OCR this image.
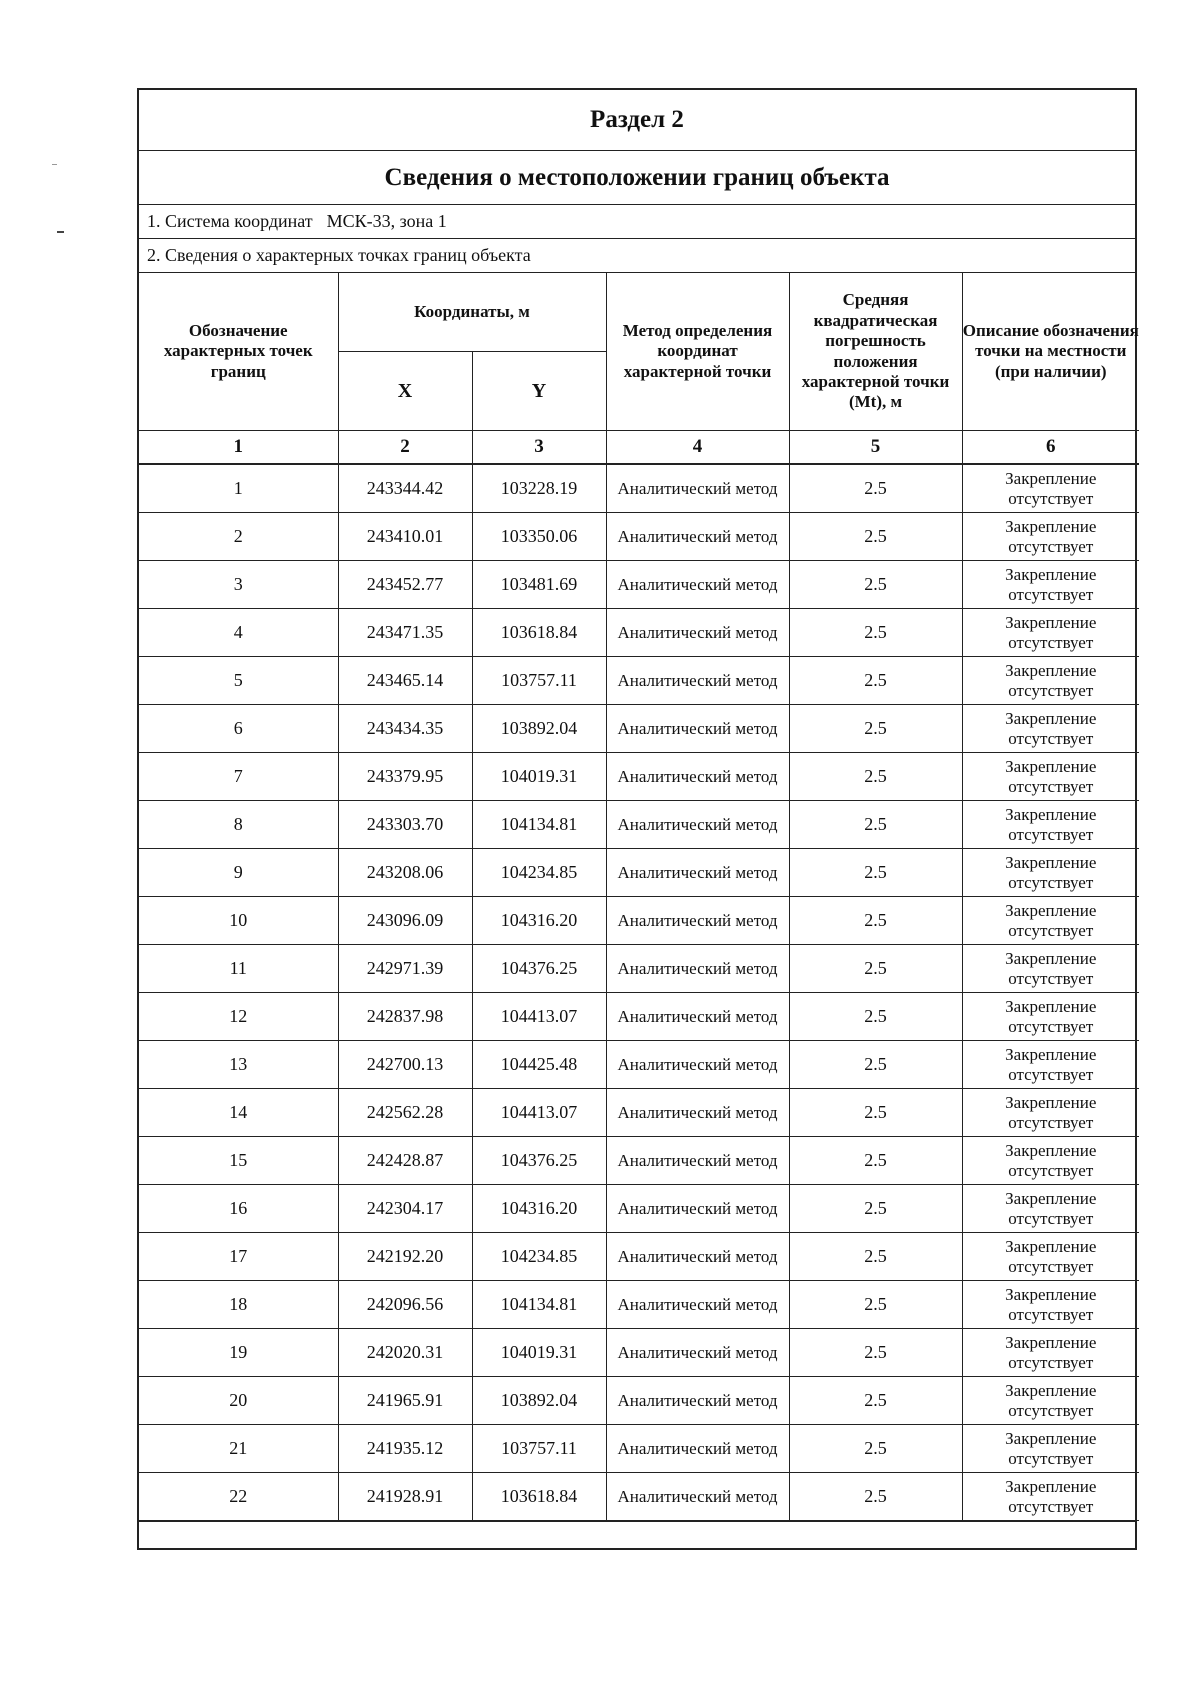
Раздел 2
Сведения о местоположении границ объекта
1. Система координат МСК-33, зона 1
2. Сведения о характерных точках границ объекта
Обозначение характерных точек границ	Координаты, м		Метод определения координат характерной точки	Средняя квадратическая погрешность положения характерной точки (Mt), м	Описание обозначения точки на местности (при наличии)
	X	Y			
1	2	3	4	5	6
1	243344.42	103228.19	Аналитический метод	2.5	Закрепление отсутствует
2	243410.01	103350.06	Аналитический метод	2.5	Закрепление отсутствует
3	243452.77	103481.69	Аналитический метод	2.5	Закрепление отсутствует
4	243471.35	103618.84	Аналитический метод	2.5	Закрепление отсутствует
5	243465.14	103757.11	Аналитический метод	2.5	Закрепление отсутствует
6	243434.35	103892.04	Аналитический метод	2.5	Закрепление отсутствует
7	243379.95	104019.31	Аналитический метод	2.5	Закрепление отсутствует
8	243303.70	104134.81	Аналитический метод	2.5	Закрепление отсутствует
9	243208.06	104234.85	Аналитический метод	2.5	Закрепление отсутствует
10	243096.09	104316.20	Аналитический метод	2.5	Закрепление отсутствует
11	242971.39	104376.25	Аналитический метод	2.5	Закрепление отсутствует
12	242837.98	104413.07	Аналитический метод	2.5	Закрепление отсутствует
13	242700.13	104425.48	Аналитический метод	2.5	Закрепление отсутствует
14	242562.28	104413.07	Аналитический метод	2.5	Закрепление отсутствует
15	242428.87	104376.25	Аналитический метод	2.5	Закрепление отсутствует
16	242304.17	104316.20	Аналитический метод	2.5	Закрепление отсутствует
17	242192.20	104234.85	Аналитический метод	2.5	Закрепление отсутствует
18	242096.56	104134.81	Аналитический метод	2.5	Закрепление отсутствует
19	242020.31	104019.31	Аналитический метод	2.5	Закрепление отсутствует
20	241965.91	103892.04	Аналитический метод	2.5	Закрепление отсутствует
21	241935.12	103757.11	Аналитический метод	2.5	Закрепление отсутствует
22	241928.91	103618.84	Аналитический метод	2.5	Закрепление отсутствует
